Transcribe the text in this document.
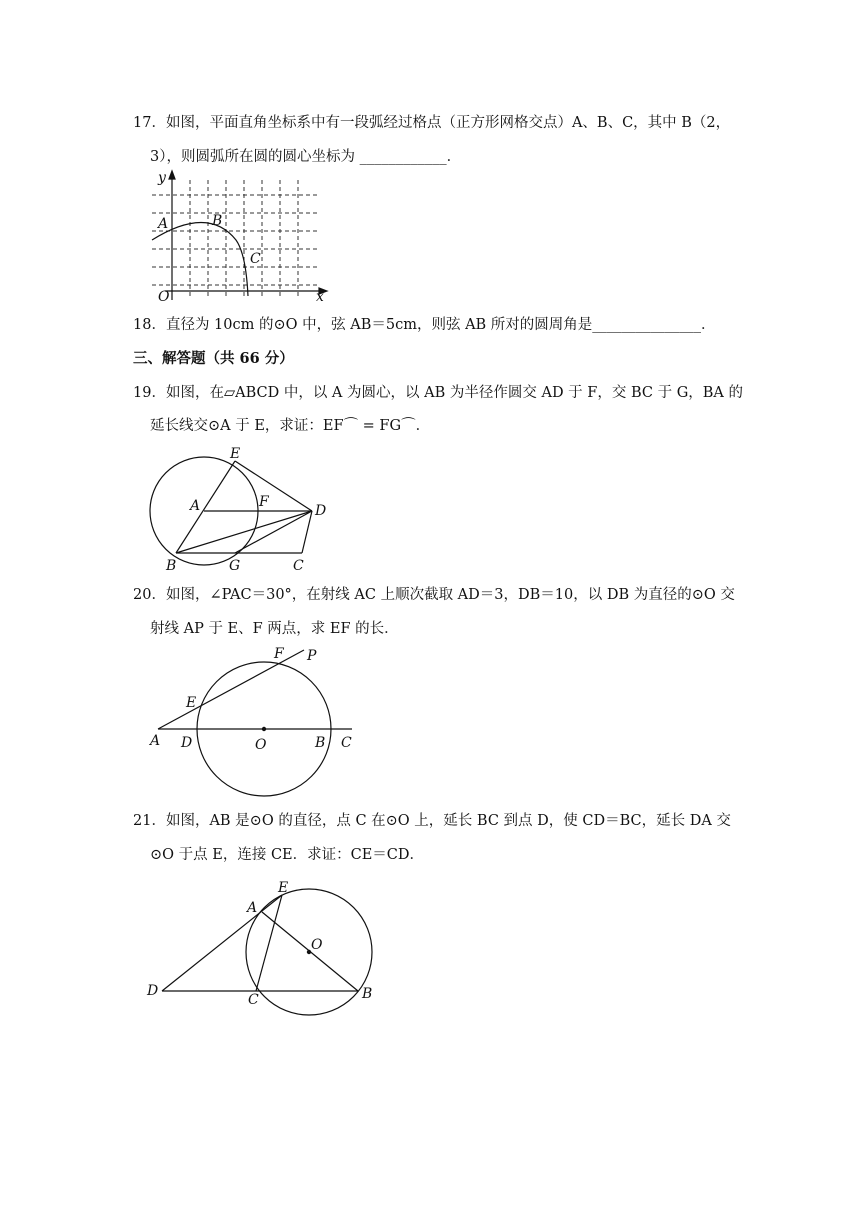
17．如图，平面直角坐标系中有一段弧经过格点（正方形网格交点）A、B、C，其中 B（2，
3），则圆弧所在圆的圆心坐标为 ____________．
y
x
O
A	B
C
18．直径为 10cm 的⊙O 中，弦 AB＝5cm，则弦 AB 所对的圆周角是_______________．
三、解答题（共 66 分）
19．如图，在▱ABCD 中，以 A 为圆心，以 AB 为半径作圆交 AD 于 F，交 BC 于 G，BA 的
延长线交⊙A 于 E，求证：EF⌒ = FG⌒．
E
A	F
D
B	G	C
20．如图，∠PAC＝30°，在射线 AC 上顺次截取 AD＝3，DB＝10，以 DB 为直径的⊙O 交
射线 AP 于 E、F 两点，求 EF 的长．
F P
E
A D	O	B C
21．如图，AB 是⊙O 的直径，点 C 在⊙O 上，延长 BC 到点 D，使 CD＝BC，延长 DA 交
⊙O 于点 E，连接 CE．求证：CE＝CD．
E
A
O
D
C	B
